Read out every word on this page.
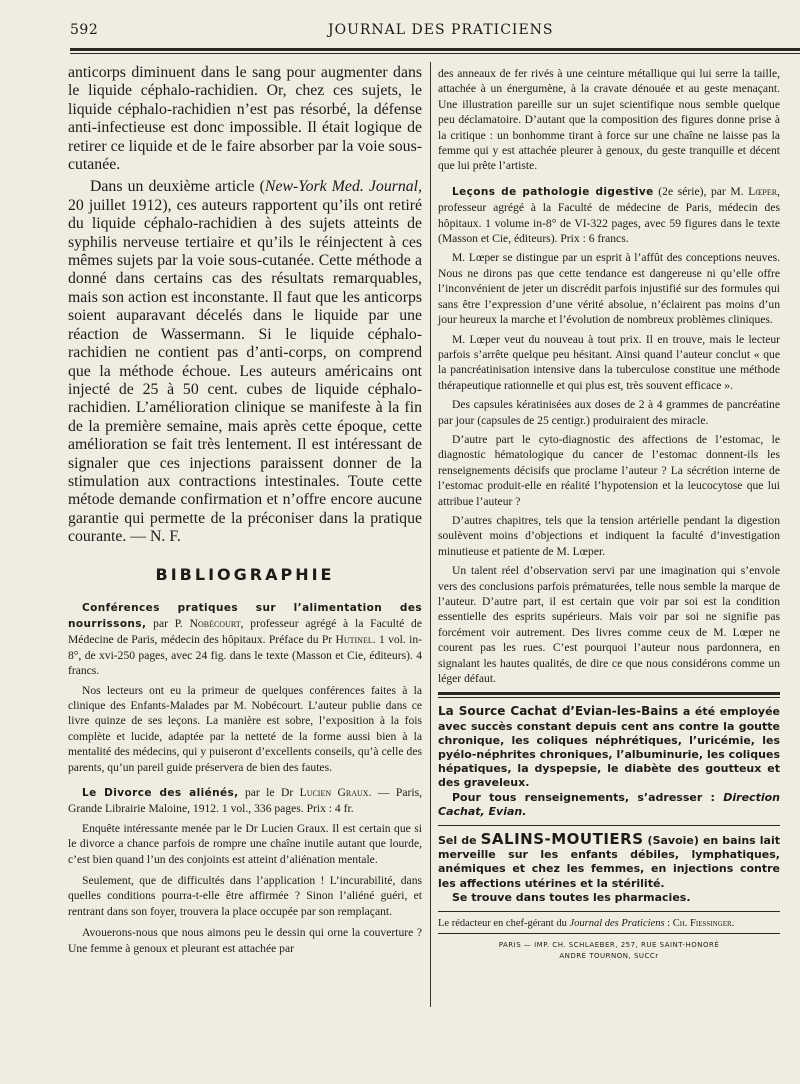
592	JOURNAL DES PRATICIENS

anticorps diminuent dans le sang pour augmenter dans le liquide céphalo-rachidien. Or, chez ces sujets, le liquide céphalo-rachidien n’est pas résorbé, la défense anti-infectieuse est donc impossible. Il était logique de retirer ce liquide et de le faire absorber par la voie sous-cutanée.

Dans un deuxième article (New-York Med. Journal, 20 juillet 1912), ces auteurs rapportent qu’ils ont retiré du liquide céphalo-rachidien à des sujets atteints de syphilis nerveuse tertiaire et qu’ils le réinjectent à ces mêmes sujets par la voie sous-cutanée. Cette méthode a donné dans certains cas des résultats remarquables, mais son action est inconstante. Il faut que les anticorps soient auparavant décelés dans le liquide par une réaction de Wassermann. Si le liquide céphalo-rachidien ne contient pas d’anti-corps, on comprend que la méthode échoue. Les auteurs américains ont injecté de 25 à 50 cent. cubes de liquide céphalo-rachidien. L’amélioration clinique se manifeste à la fin de la première semaine, mais après cette époque, cette amélioration se fait très lentement. Il est intéressant de signaler que ces injections paraissent donner de la stimulation aux contractions intestinales. Toute cette métode demande confirmation et n’offre encore aucune garantie qui permette de la préconiser dans la pratique courante. — N. F.

BIBLIOGRAPHIE

Conférences pratiques sur l’alimentation des nourrissons, par P. Nobécourt, professeur agrégé à la Faculté de Médecine de Paris, médecin des hôpitaux. Préface du Pr Hutinel. 1 vol. in-8°, de xvi-250 pages, avec 24 fig. dans le texte (Masson et Cie, éditeurs). 4 francs.

Nos lecteurs ont eu la primeur de quelques conférences faites à la clinique des Enfants-Malades par M. Nobécourt. L’auteur publie dans ce livre quinze de ses leçons. La manière est sobre, l’exposition à la fois complète et lucide, adaptée par la netteté de la forme aussi bien à la mentalité des médecins, qui y puiseront d’excellents conseils, qu’à celle des parents, qu’un pareil guide préservera de bien des fautes.

Le Divorce des aliénés, par le Dr Lucien Graux. — Paris, Grande Librairie Maloine, 1912. 1 vol., 336 pages. Prix : 4 fr.

Enquête intéressante menée par le Dr Lucien Graux. Il est certain que si le divorce a chance parfois de rompre une chaîne inutile autant que lourde, c’est bien quand l’un des conjoints est atteint d’aliénation mentale.

Seulement, que de difficultés dans l’application ! L’incurabilité, dans quelles conditions pourra-t-elle être affirmée ? Sinon l’aliéné guéri, et rentrant dans son foyer, trouvera la place occupée par son remplaçant.

Avouerons-nous que nous aimons peu le dessin qui orne la couverture ? Une femme à genoux et pleurant est attachée par

des anneaux de fer rivés à une ceinture métallique qui lui serre la taille, attachée à un énergumène, à la cravate dénouée et au geste menaçant. Une illustration pareille sur un sujet scientifique nous semble quelque peu déclamatoire. D’autant que la composition des figures donne prise à la critique : un bonhomme tirant à force sur une chaîne ne laisse pas la femme qui y est attachée pleurer à genoux, du geste tranquille et décent que lui prête l’artiste.

Leçons de pathologie digestive (2e série), par M. Lœper, professeur agrégé à la Faculté de médecine de Paris, médecin des hôpitaux. 1 volume in-8° de VI-322 pages, avec 59 figures dans le texte (Masson et Cie, éditeurs). Prix : 6 francs.

M. Lœper se distingue par un esprit à l’affût des conceptions neuves. Nous ne dirons pas que cette tendance est dangereuse ni qu’elle offre l’inconvénient de jeter un discrédit parfois injustifié sur des formules qui sans être l’expression d’une vérité absolue, n’éclairent pas moins d’un jour heureux la marche et l’évolution de nombreux problèmes cliniques.

M. Lœper veut du nouveau à tout prix. Il en trouve, mais le lecteur parfois s’arrête quelque peu hésitant. Ainsi quand l’auteur conclut « que la pancréatinisation intensive dans la tuberculose constitue une méthode thérapeutique rationnelle et qui plus est, très souvent efficace ».

Des capsules kératinisées aux doses de 2 à 4 grammes de pancréatine par jour (capsules de 25 centigr.) produiraient des miracle.

D’autre part le cyto-diagnostic des affections de l’estomac, le diagnostic hématologique du cancer de l’estomac donnent-ils les renseignements décisifs que proclame l’auteur ? La sécrétion interne de l’estomac produit-elle en réalité l’hypotension et la leucocytose que lui attribue l’auteur ?

D’autres chapitres, tels que la tension artérielle pendant la digestion soulèvent moins d’objections et indiquent la faculté d’investigation minutieuse et patiente de M. Lœper.

Un talent réel d’observation servi par une imagination qui s’envole vers des conclusions parfois prématurées, telle nous semble la marque de l’auteur. D’autre part, il est certain que voir par soi est la condition essentielle des esprits supérieurs. Mais voir par soi ne signifie pas forcément voir autrement. Des livres comme ceux de M. Lœper ne courent pas les rues. C’est pourquoi l’auteur nous pardonnera, en signalant les hautes qualités, de dire ce que nous considérons comme un léger défaut.

La Source Cachat d’Evian-les-Bains a été employée avec succès constant depuis cent ans contre la goutte chronique, les coliques néphrétiques, l’uricémie, les pyélo-néphrites chroniques, l’albuminurie, les coliques hépatiques, la dyspepsie, le diabète des goutteux et des graveleux.
Pour tous renseignements, s’adresser : Direction Cachat, Evian.
Sel de SALINS-MOUTIERS (Savoie) en bains lait merveille sur les enfants débiles, lymphatiques, anémiques et chez les femmes, en injections contre les affections utérines et la stérilité.
Se trouve dans toutes les pharmacies.
Le rédacteur en chef-gérant du Journal des Praticiens : Ch. Fiessinger.
PARIS — IMP. CH. SCHLAEBER, 257, RUE SAINT-HONORÉ
ANDRÉ TOURNON, SUCCr
